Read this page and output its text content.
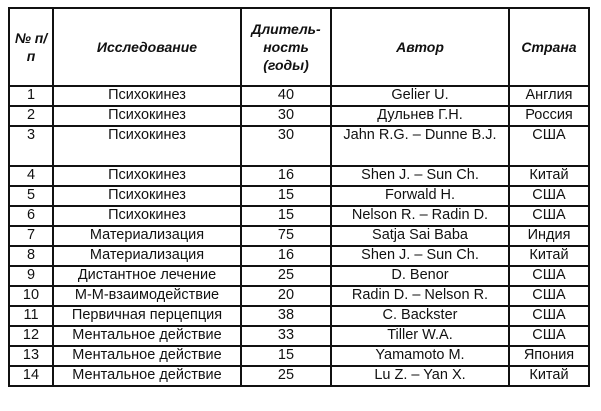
№ п/п	Исследование	Длитель-ность (годы)	Автор	Страна
1	Психокинез	40	Gelier U.	Англия
2	Психокинез	30	Дульнев Г.Н.	Россия
3	Психокинез	30	Jahn R.G. – Dunne B.J.	США
4	Психокинез	16	Shen J. – Sun Ch.	Китай
5	Психокинез	15	Forwald H.	США
6	Психокинез	15	Nelson R. – Radin D.	США
7	Материализация	75	Satja Sai Baba	Индия
8	Материализация	16	Shen J. – Sun Ch.	Китай
9	Дистантное лечение	25	D. Benor	США
10	М-М-взаимодействие	20	Radin D. – Nelson R.	США
11	Первичная перцепция	38	C. Backster	США
12	Ментальное действие	33	Tiller W.A.	США
13	Ментальное действие	15	Yamamoto M.	Япония
14	Ментальное действие	25	Lu Z. – Yan X.	Китай
